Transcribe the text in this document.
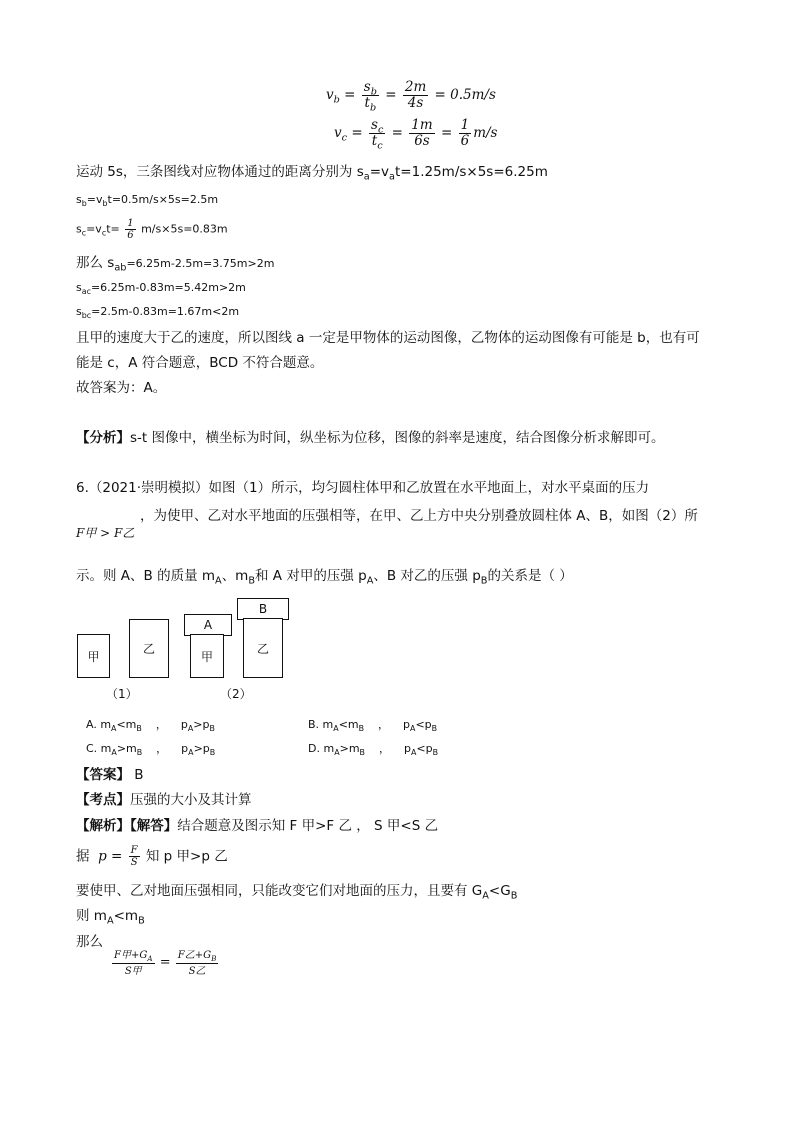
$v_b = \frac{s_b}{t_b} = \frac{2m}{4s} = 0.5m/s$
$v_c = \frac{s_c}{t_c} = \frac{1m}{6s} = \frac{1}{6} m/s$
运动 5s，三条图线对应物体通过的距离分别为 $s_a=v_at=1.25m/s\times 5s=6.25m$
$s_b=v_bt=0.5m/s\times 5s=2.5m$
$s_c=v_ct= \frac{1}{6} m/s\times 5s=0.83m$
那么 $s_{ab}=6.25m-2.5m=3.75m>2m$
$s_{ac}=6.25m-0.83m=5.42m>2m$
$s_{bc}=2.5m-0.83m=1.67m<2m$
且甲的速度大于乙的速度，所以图线 a 一定是甲物体的运动图像，乙物体的运动图像有可能是 b，也有可
能是 c，A 符合题意，BCD 不符合题意。
故答案为：A。
【分析】s-t 图像中，横坐标为时间，纵坐标为位移，图像的斜率是速度，结合图像分析求解即可。
6.（2021·崇明模拟）如图（1）所示，均匀圆柱体甲和乙放置在水平地面上，对水平桌面的压力
，为使甲、乙对水平地面的压强相等，在甲、乙上方中央分别叠放圆柱体 A、B，如图（2）所
F甲 > F乙
示。则 A、B 的质量 $m_A$、$m_B$和 A 对甲的压强 $p_A$、B 对乙的压强 $p_B$的关系是（ ）
甲
乙
A
甲
B
乙
（1）	（2）
A. $m_A<m_B$    ，    $p_A>p_B$	B. $m_A<m_B$    ，    $p_A<p_B$
C. $m_A>m_B$    ，    $p_A>p_B$	D. $m_A>m_B$    ，    $p_A<p_B$
【答案】 B
【考点】压强的大小及其计算
【解析】【解答】结合题意及图示知 F 甲>F 乙 ， S 甲<S 乙
据 $p = \frac{F}{S}$ 知 p 甲>p 乙
要使甲、乙对地面压强相同，只能改变它们对地面的压力，且要有 $G_A<G_B$
则 $m_A<m_B$
那么
$\frac{F甲+G_A}{\text{S甲}} = \frac{F乙+G_B}{\text{S乙}}$
